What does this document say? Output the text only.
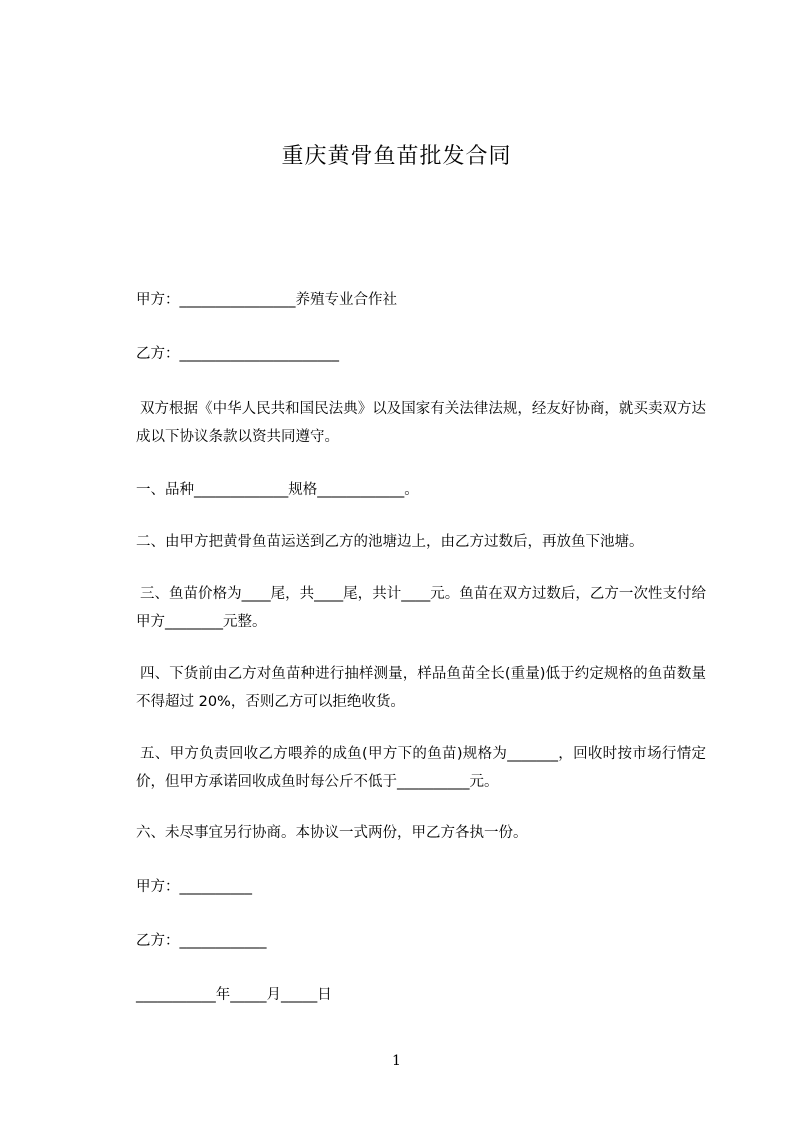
重庆黄骨鱼苗批发合同
甲方：________________养殖专业合作社
乙方：______________________
双方根据《中华人民共和国民法典》以及国家有关法律法规，经友好协商，就买卖双方达成以下协议条款以资共同遵守。
一、品种_____________规格____________。
二、由甲方把黄骨鱼苗运送到乙方的池塘边上，由乙方过数后，再放鱼下池塘。
三、鱼苗价格为____尾，共____尾，共计____元。鱼苗在双方过数后，乙方一次性支付给甲方________元整。
四、下货前由乙方对鱼苗种进行抽样测量，样品鱼苗全长(重量)低于约定规格的鱼苗数量不得超过 20%，否则乙方可以拒绝收货。
五、甲方负责回收乙方喂养的成鱼(甲方下的鱼苗)规格为_______，回收时按市场行情定价，但甲方承诺回收成鱼时每公斤不低于__________元。
六、未尽事宜另行协商。本协议一式两份，甲乙方各执一份。
甲方：__________
乙方：____________
___________年_____月_____日
1
